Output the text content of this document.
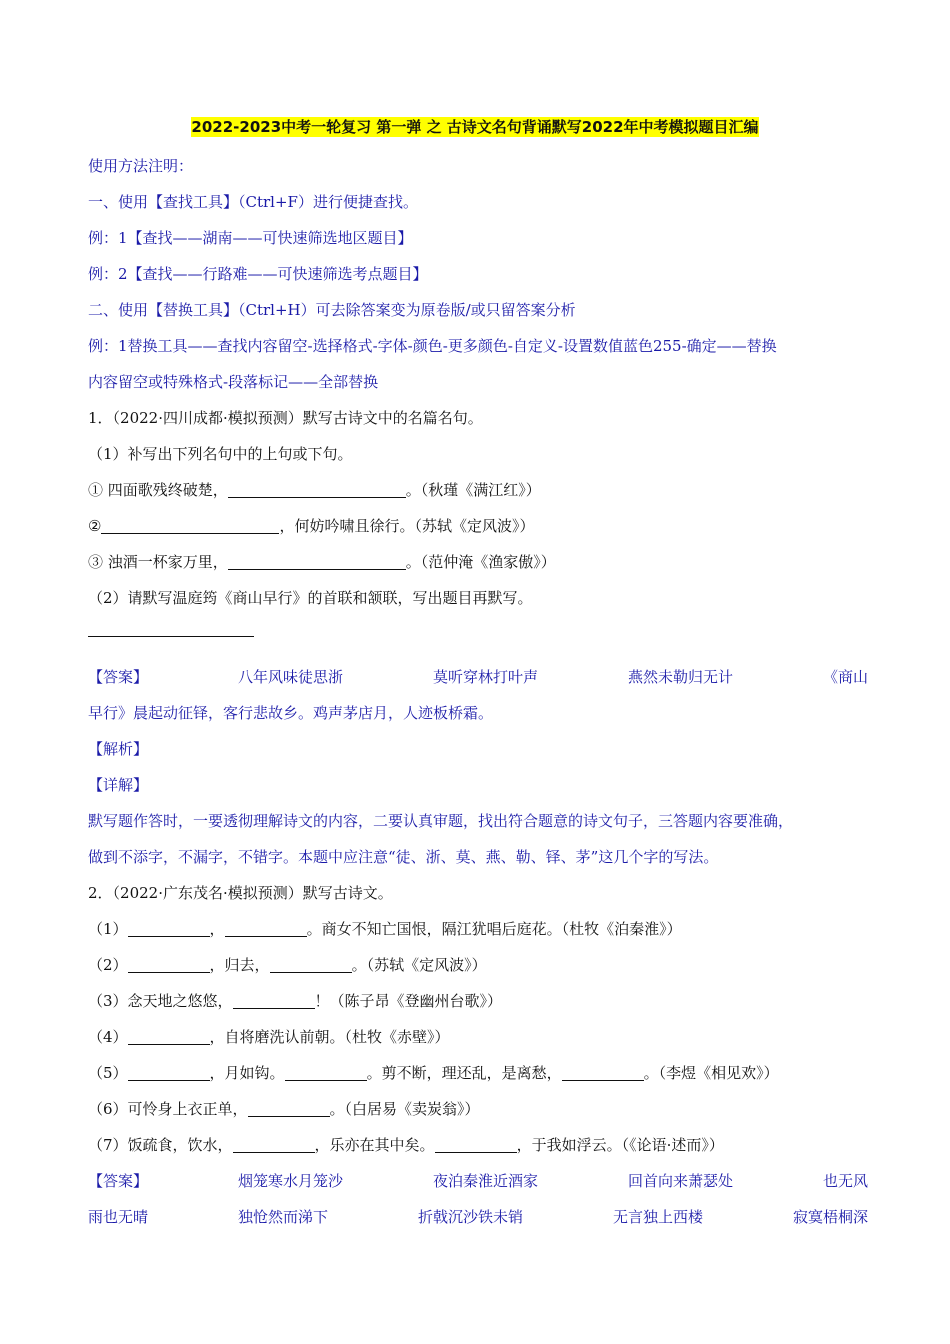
2022-2023中考一轮复习 第一弹 之 古诗文名句背诵默写2022年中考模拟题目汇编
使用方法注明：
一、使用【查找工具】（Ctrl+F）进行便捷查找。
例：1【查找——湖南——可快速筛选地区题目】
例：2【查找——行路难——可快速筛选考点题目】
二、使用【替换工具】（Ctrl+H）可去除答案变为原卷版/或只留答案分析
例：1替换工具——查找内容留空-选择格式-字体-颜色-更多颜色-自定义-设置数值蓝色255-确定——替换
内容留空或特殊格式-段落标记——全部替换
1．（2022·四川成都·模拟预测）默写古诗文中的名篇名句。
（1）补写出下列名句中的上句或下句。
① 四面歌残终破楚，	。（秋瑾《满江红》）
②	，何妨吟啸且徐行。（苏轼《定风波》）
③ 浊酒一杯家万里，	。（范仲淹《渔家傲》）
（2）请默写温庭筠《商山早行》的首联和颔联，写出题目再默写。
【答案】	八年风味徒思浙	莫听穿林打叶声	燕然未勒归无计	《商山
早行》晨起动征铎，客行悲故乡。鸡声茅店月，人迹板桥霜。
【解析】
【详解】
默写题作答时，一要透彻理解诗文的内容，二要认真审题，找出符合题意的诗文句子，三答题内容要准确，
做到不添字，不漏字，不错字。本题中应注意“徒、浙、莫、燕、勒、铎、茅”这几个字的写法。
2．（2022·广东茂名·模拟预测）默写古诗文。
（1）	，	。商女不知亡国恨，隔江犹唱后庭花。（杜牧《泊秦淮》）
（2）	，归去，	。（苏轼《定风波》）
（3）念天地之悠悠，	！（陈子昂《登幽州台歌》）
（4）	，自将磨洗认前朝。（杜牧《赤壁》）
（5）	，月如钩。	。剪不断，理还乱，是离愁，	。（李煜《相见欢》）
（6）可怜身上衣正单，	。（白居易《卖炭翁》）
（7）饭疏食，饮水，	，乐亦在其中矣。	，于我如浮云。（《论语·述而》）
【答案】	烟笼寒水月笼沙	夜泊秦淮近酒家	回首向来萧瑟处	也无风
雨也无晴	独怆然而涕下	折戟沉沙铁未销	无言独上西楼	寂寞梧桐深
